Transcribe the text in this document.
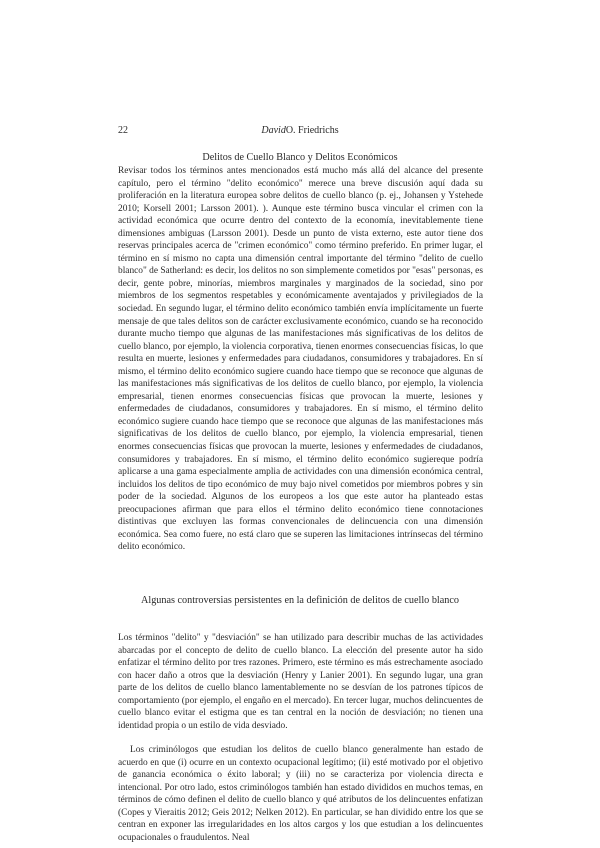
22	DavidO. Friedrichs
Delitos de Cuello Blanco y Delitos Económicos

Revisar todos los términos antes mencionados está mucho más allá del alcance del presente capítulo, pero el término "delito económico" merece una breve discusión aquí dada su proliferación en la literatura europea sobre delitos de cuello blanco (p. ej., Johansen y Ystehede 2010; Korsell 2001; Larsson 2001). ). Aunque este término busca vincular el crimen con la actividad económica que ocurre dentro del contexto de la economía, inevitablemente tiene dimensiones ambiguas (Larsson 2001). Desde un punto de vista externo, este autor tiene dos reservas principales acerca de "crimen económico" como término preferido. En primer lugar, el término en sí mismo no capta una dimensión central importante del término "delito de cuello blanco" de Satherland: es decir, los delitos no son simplemente cometidos por "esas" personas, es decir, gente pobre, minorías, miembros marginales y marginados de la sociedad, sino por miembros de los segmentos respetables y económicamente aventajados y privilegiados de la sociedad. En segundo lugar, el término delito económico también envía implícitamente un fuerte mensaje de que tales delitos son de carácter exclusivamente económico, cuando se ha reconocido durante mucho tiempo que algunas de las manifestaciones más significativas de los delitos de cuello blanco, por ejemplo, la violencia corporativa, tienen enormes consecuencias físicas, lo que resulta en muerte, lesiones y enfermedades para ciudadanos, consumidores y trabajadores. En sí mismo, el término delito económico sugiere cuando hace tiempo que se reconoce que algunas de las manifestaciones más significativas de los delitos de cuello blanco, por ejemplo, la violencia empresarial, tienen enormes consecuencias físicas que provocan la muerte, lesiones y enfermedades de ciudadanos, consumidores y trabajadores. En sí mismo, el término delito económico sugiere cuando hace tiempo que se reconoce que algunas de las manifestaciones más significativas de los delitos de cuello blanco, por ejemplo, la violencia empresarial, tienen enormes consecuencias físicas que provocan la muerte, lesiones y enfermedades de ciudadanos, consumidores y trabajadores. En sí mismo, el término delito económico sugiereque podría aplicarse a una gama especialmente amplia de actividades con una dimensión económica central, incluidos los delitos de tipo económico de muy bajo nivel cometidos por miembros pobres y sin poder de la sociedad. Algunos de los europeos a los que este autor ha planteado estas preocupaciones afirman que para ellos el término delito económico tiene connotaciones distintivas que excluyen las formas convencionales de delincuencia con una dimensión económica. Sea como fuere, no está claro que se superen las limitaciones intrínsecas del término delito económico.

Algunas controversias persistentes en la definición de delitos de cuello blanco

Los términos "delito" y "desviación" se han utilizado para describir muchas de las actividades abarcadas por el concepto de delito de cuello blanco. La elección del presente autor ha sido enfatizar el término delito por tres razones. Primero, este término es más estrechamente asociado con hacer daño a otros que la desviación (Henry y Lanier 2001). En segundo lugar, una gran parte de los delitos de cuello blanco lamentablemente no se desvían de los patrones típicos de comportamiento (por ejemplo, el engaño en el mercado). En tercer lugar, muchos delincuentes de cuello blanco evitar el estigma que es tan central en la noción de desviación; no tienen una identidad propia o un estilo de vida desviado.

Los criminólogos que estudian los delitos de cuello blanco generalmente han estado de acuerdo en que (i) ocurre en un contexto ocupacional legítimo; (ii) esté motivado por el objetivo de ganancia económica o éxito laboral; y (iii) no se caracteriza por violencia directa e intencional. Por otro lado, estos criminólogos también han estado divididos en muchos temas, en términos de cómo definen el delito de cuello blanco y qué atributos de los delincuentes enfatizan (Copes y Vieraitis 2012; Geis 2012; Nelken 2012). En particular, se han dividido entre los que se centran en exponer las irregularidades en los altos cargos y los que estudian a los delincuentes ocupacionales o fraudulentos. Neal
